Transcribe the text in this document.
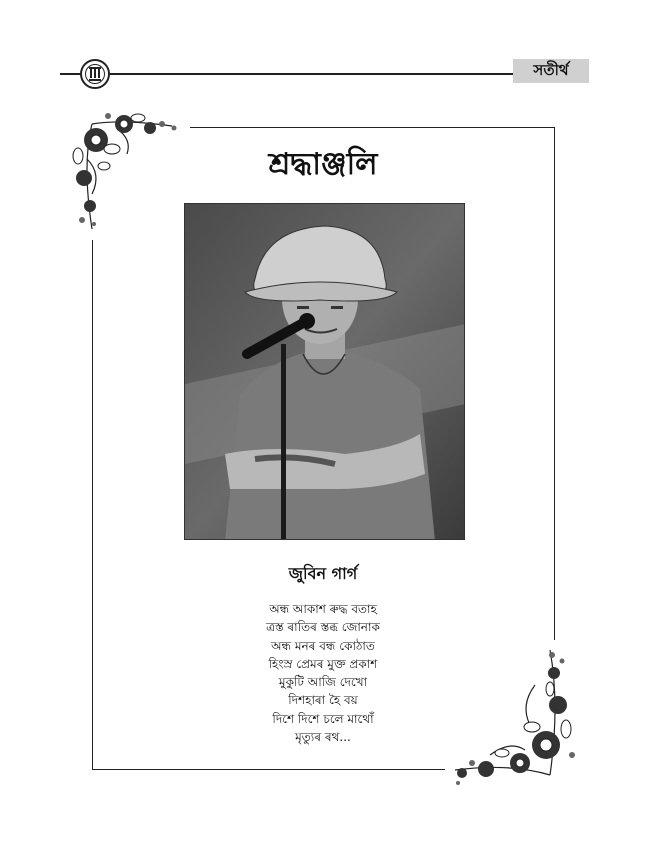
সতীৰ্থ
শ্ৰদ্ধাঞ্জলি
জুবিন গাৰ্গ
অন্ধ আকাশ ৰুদ্ধ বতাহ
ত্ৰস্ত ৰাতিৰ স্তব্ধ জোনাক
অন্ধ মনৰ বন্ধ কোঠাত
হিংস্ৰ প্ৰেমৰ মুক্ত প্ৰকাশ
মুকুটি আজি দেখো
দিশহাৰা হৈ বয়
দিশে দিশে চলে মাথোঁ
মৃত্যুৰ ৰথ...
